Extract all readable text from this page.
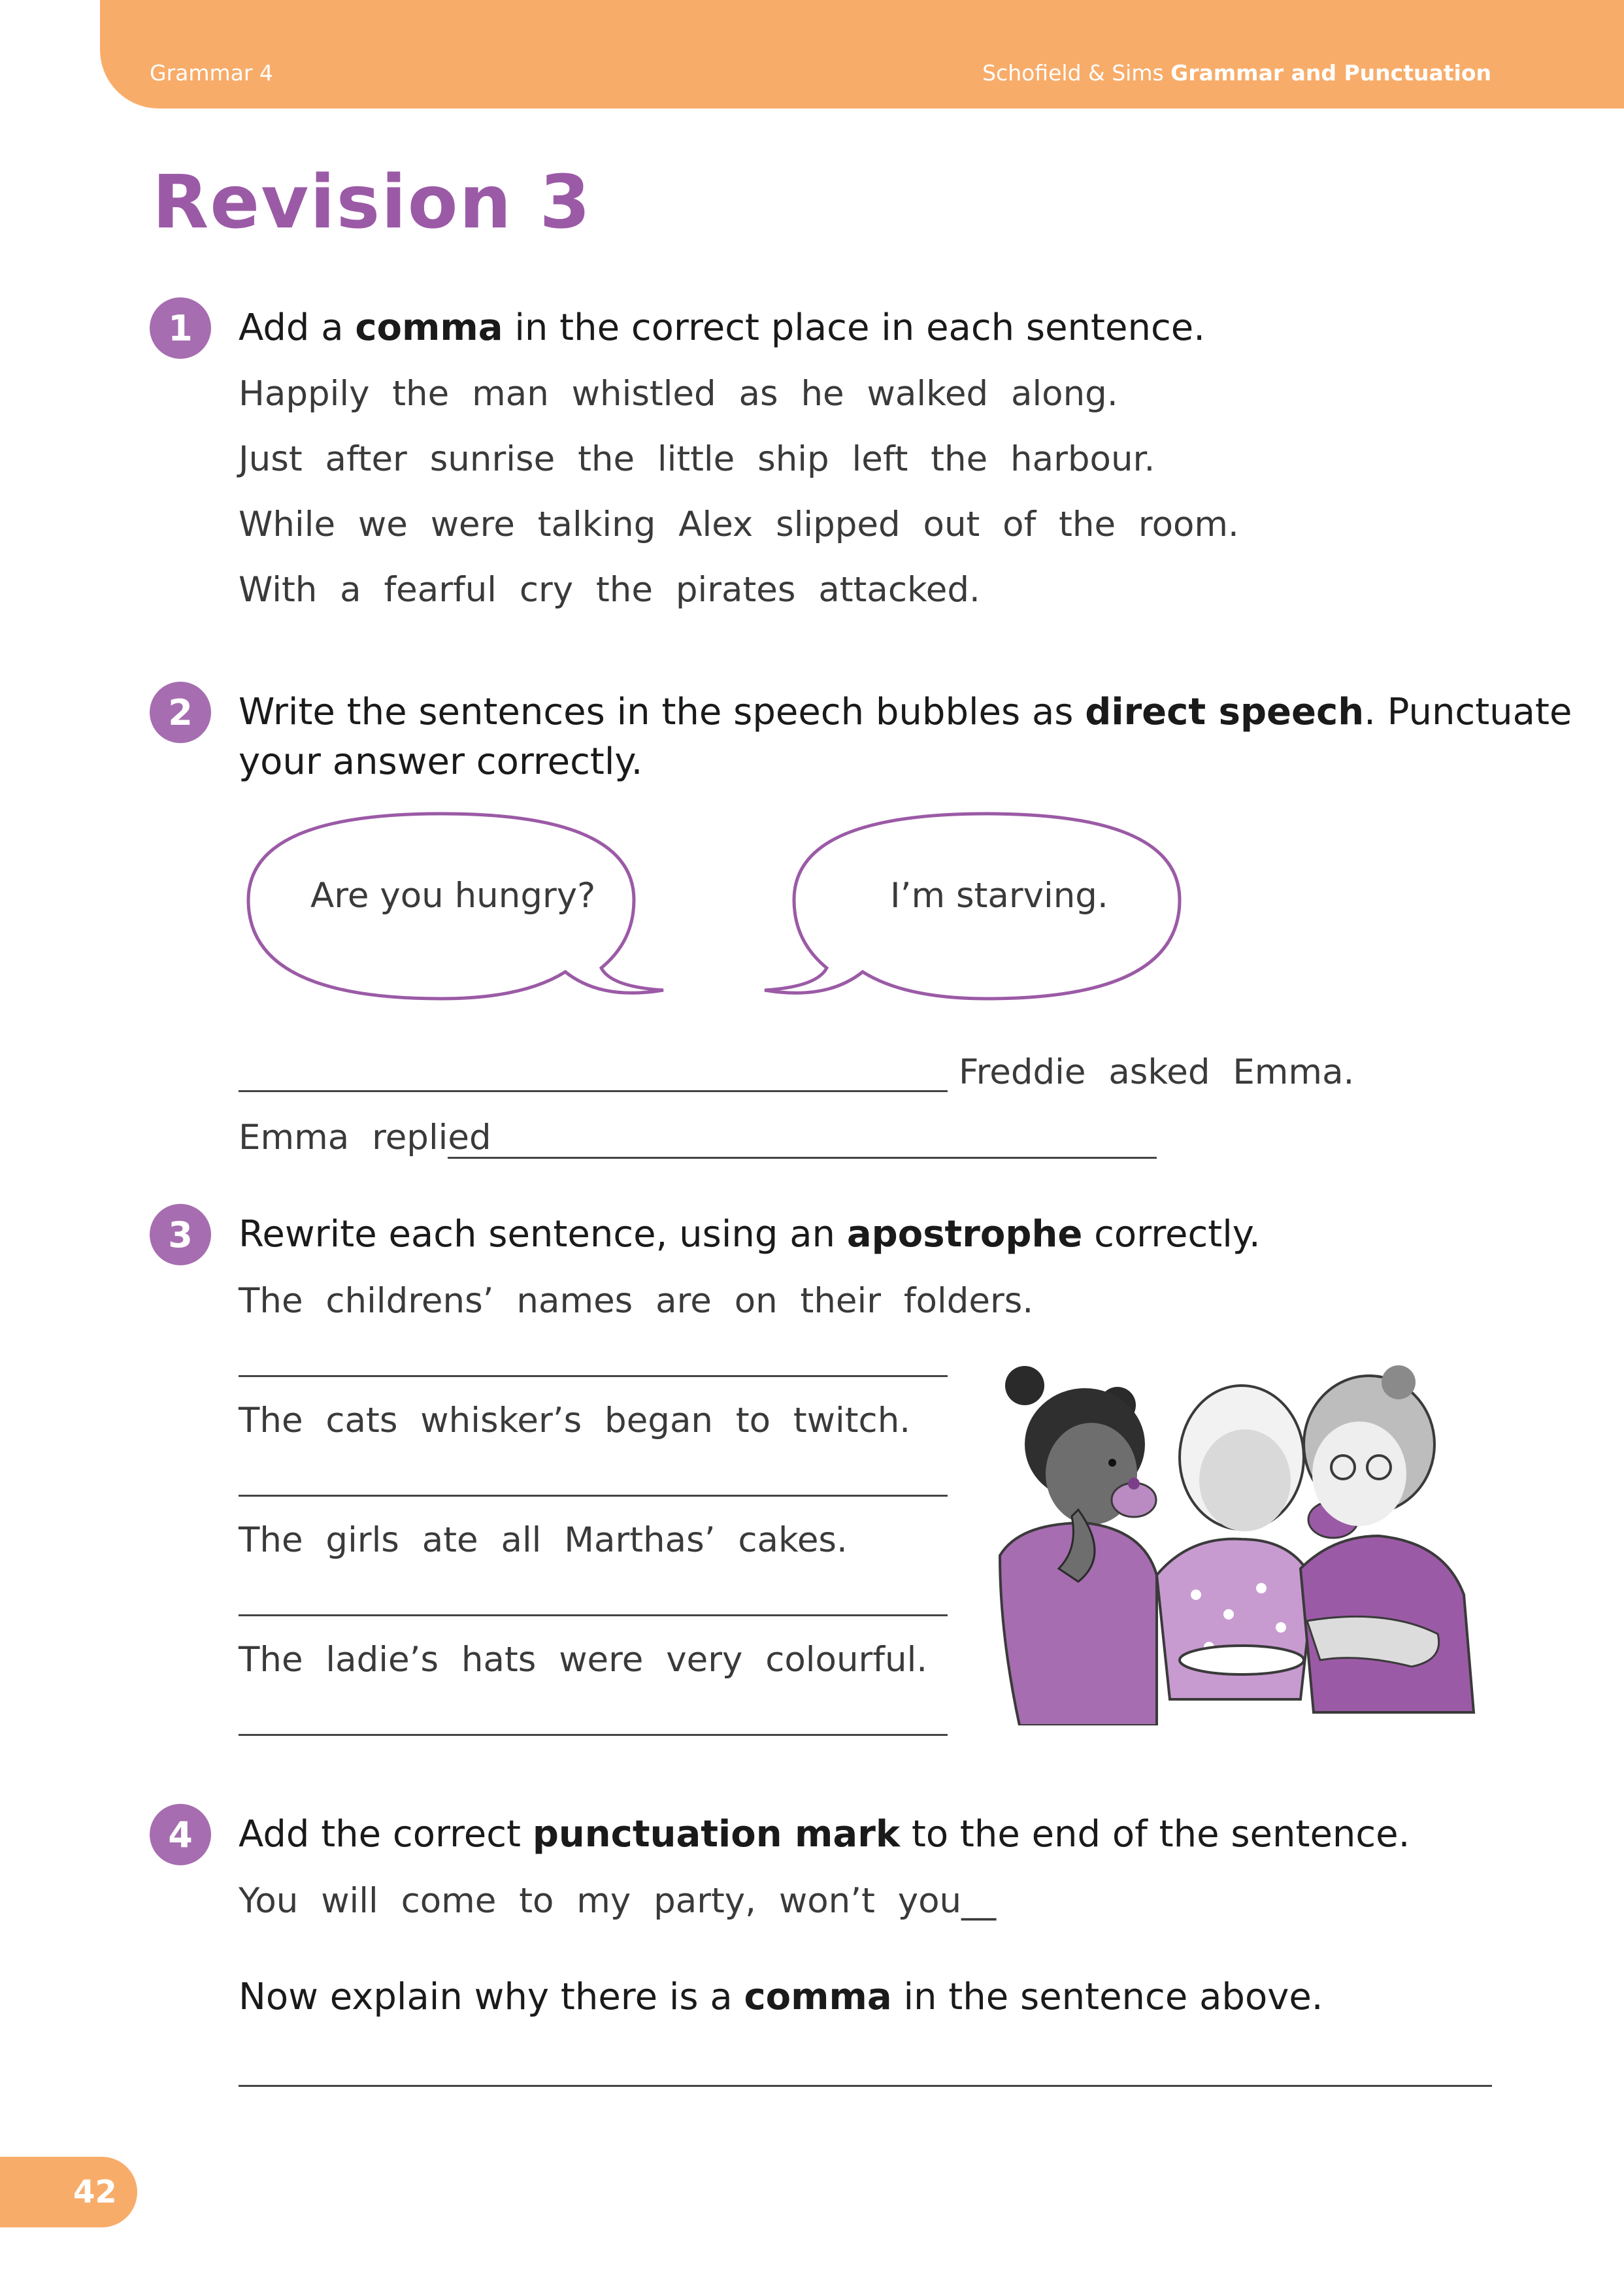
Grammar 4	Schofield & Sims Grammar and Punctuation
Revision 3
1	Add a comma in the correct place in each sentence.
Happily the man whistled as he walked along.
Just after sunrise the little ship left the harbour.
While we were talking Alex slipped out of the room.
With a fearful cry the pirates attacked.
2	Write the sentences in the speech bubbles as direct speech. Punctuate
your answer correctly.
Are you hungry?	I’m starving.
Freddie asked Emma.
Emma replied
3	Rewrite each sentence, using an apostrophe correctly.
The childrens’ names are on their folders.
The cats whisker’s began to twitch.
The girls ate all Marthas’ cakes.
The ladie’s hats were very colourful.
4	Add the correct punctuation mark to the end of the sentence.
You will come to my party, won’t you__
Now explain why there is a comma in the sentence above.
42
